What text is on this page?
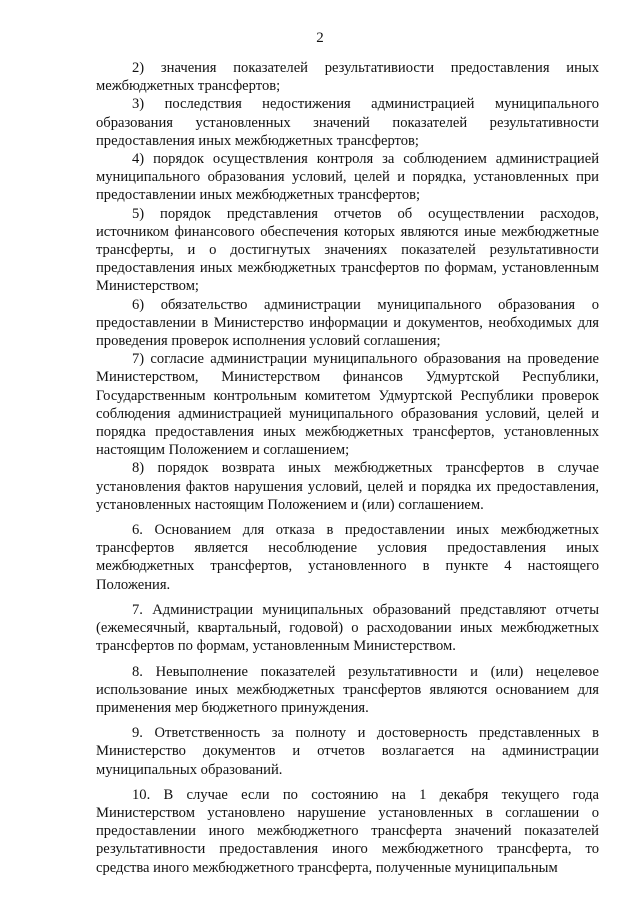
2

2) значения показателей результативиости предоставления иных межбюджетных трансфертов;

3) последствия недостижения администрацией муниципального образования установленных значений показателей результативности предоставления иных межбюджетных трансфертов;

4) порядок осуществления контроля за соблюдением администрацией муниципального образования условий, целей и порядка, установленных при предоставлении иных межбюджетных трансфертов;

5) порядок представления отчетов об осуществлении расходов, источником финансового обеспечения которых являются иные межбюджетные трансферты, и о достигнутых значениях показателей результативности предоставления иных межбюджетных трансфертов по формам, установленным Министерством;

6) обязательство администрации муниципального образования о предоставлении в Министерство информации и документов, необходимых для проведения проверок исполнения условий соглашения;

7) согласие администрации муниципального образования на проведение Министерством, Министерством финансов Удмуртской Республики, Государственным контрольным комитетом Удмуртской Республики проверок соблюдения администрацией муниципального образования условий, целей и порядка предоставления иных межбюджетных трансфертов, установленных настоящим Положением и соглашением;

8) порядок возврата иных межбюджетных трансфертов в случае установления фактов нарушения условий, целей и порядка их предоставления, установленных настоящим Положением и (или) соглашением.

6. Основанием для отказа в предоставлении иных межбюджетных трансфертов является несоблюдение условия предоставления иных межбюджетных трансфертов, установленного в пункте 4 настоящего Положения.

7. Администрации муниципальных образований представляют отчеты (ежемесячный, квартальный, годовой) о расходовании иных межбюджетных трансфертов по формам, установленным Министерством.

8. Невыполнение показателей результативности и (или) нецелевое использование иных межбюджетных трансфертов являются основанием для применения мер бюджетного принуждения.

9. Ответственность за полноту и достоверность представленных в Министерство документов и отчетов возлагается на администрации муниципальных образований.

10. В случае если по состоянию на 1 декабря текущего года Министерством установлено нарушение установленных в соглашении о предоставлении иного межбюджетного трансферта значений показателей результативности предоставления иного межбюджетного трансферта, то средства иного межбюджетного трансферта, полученные муниципальным
